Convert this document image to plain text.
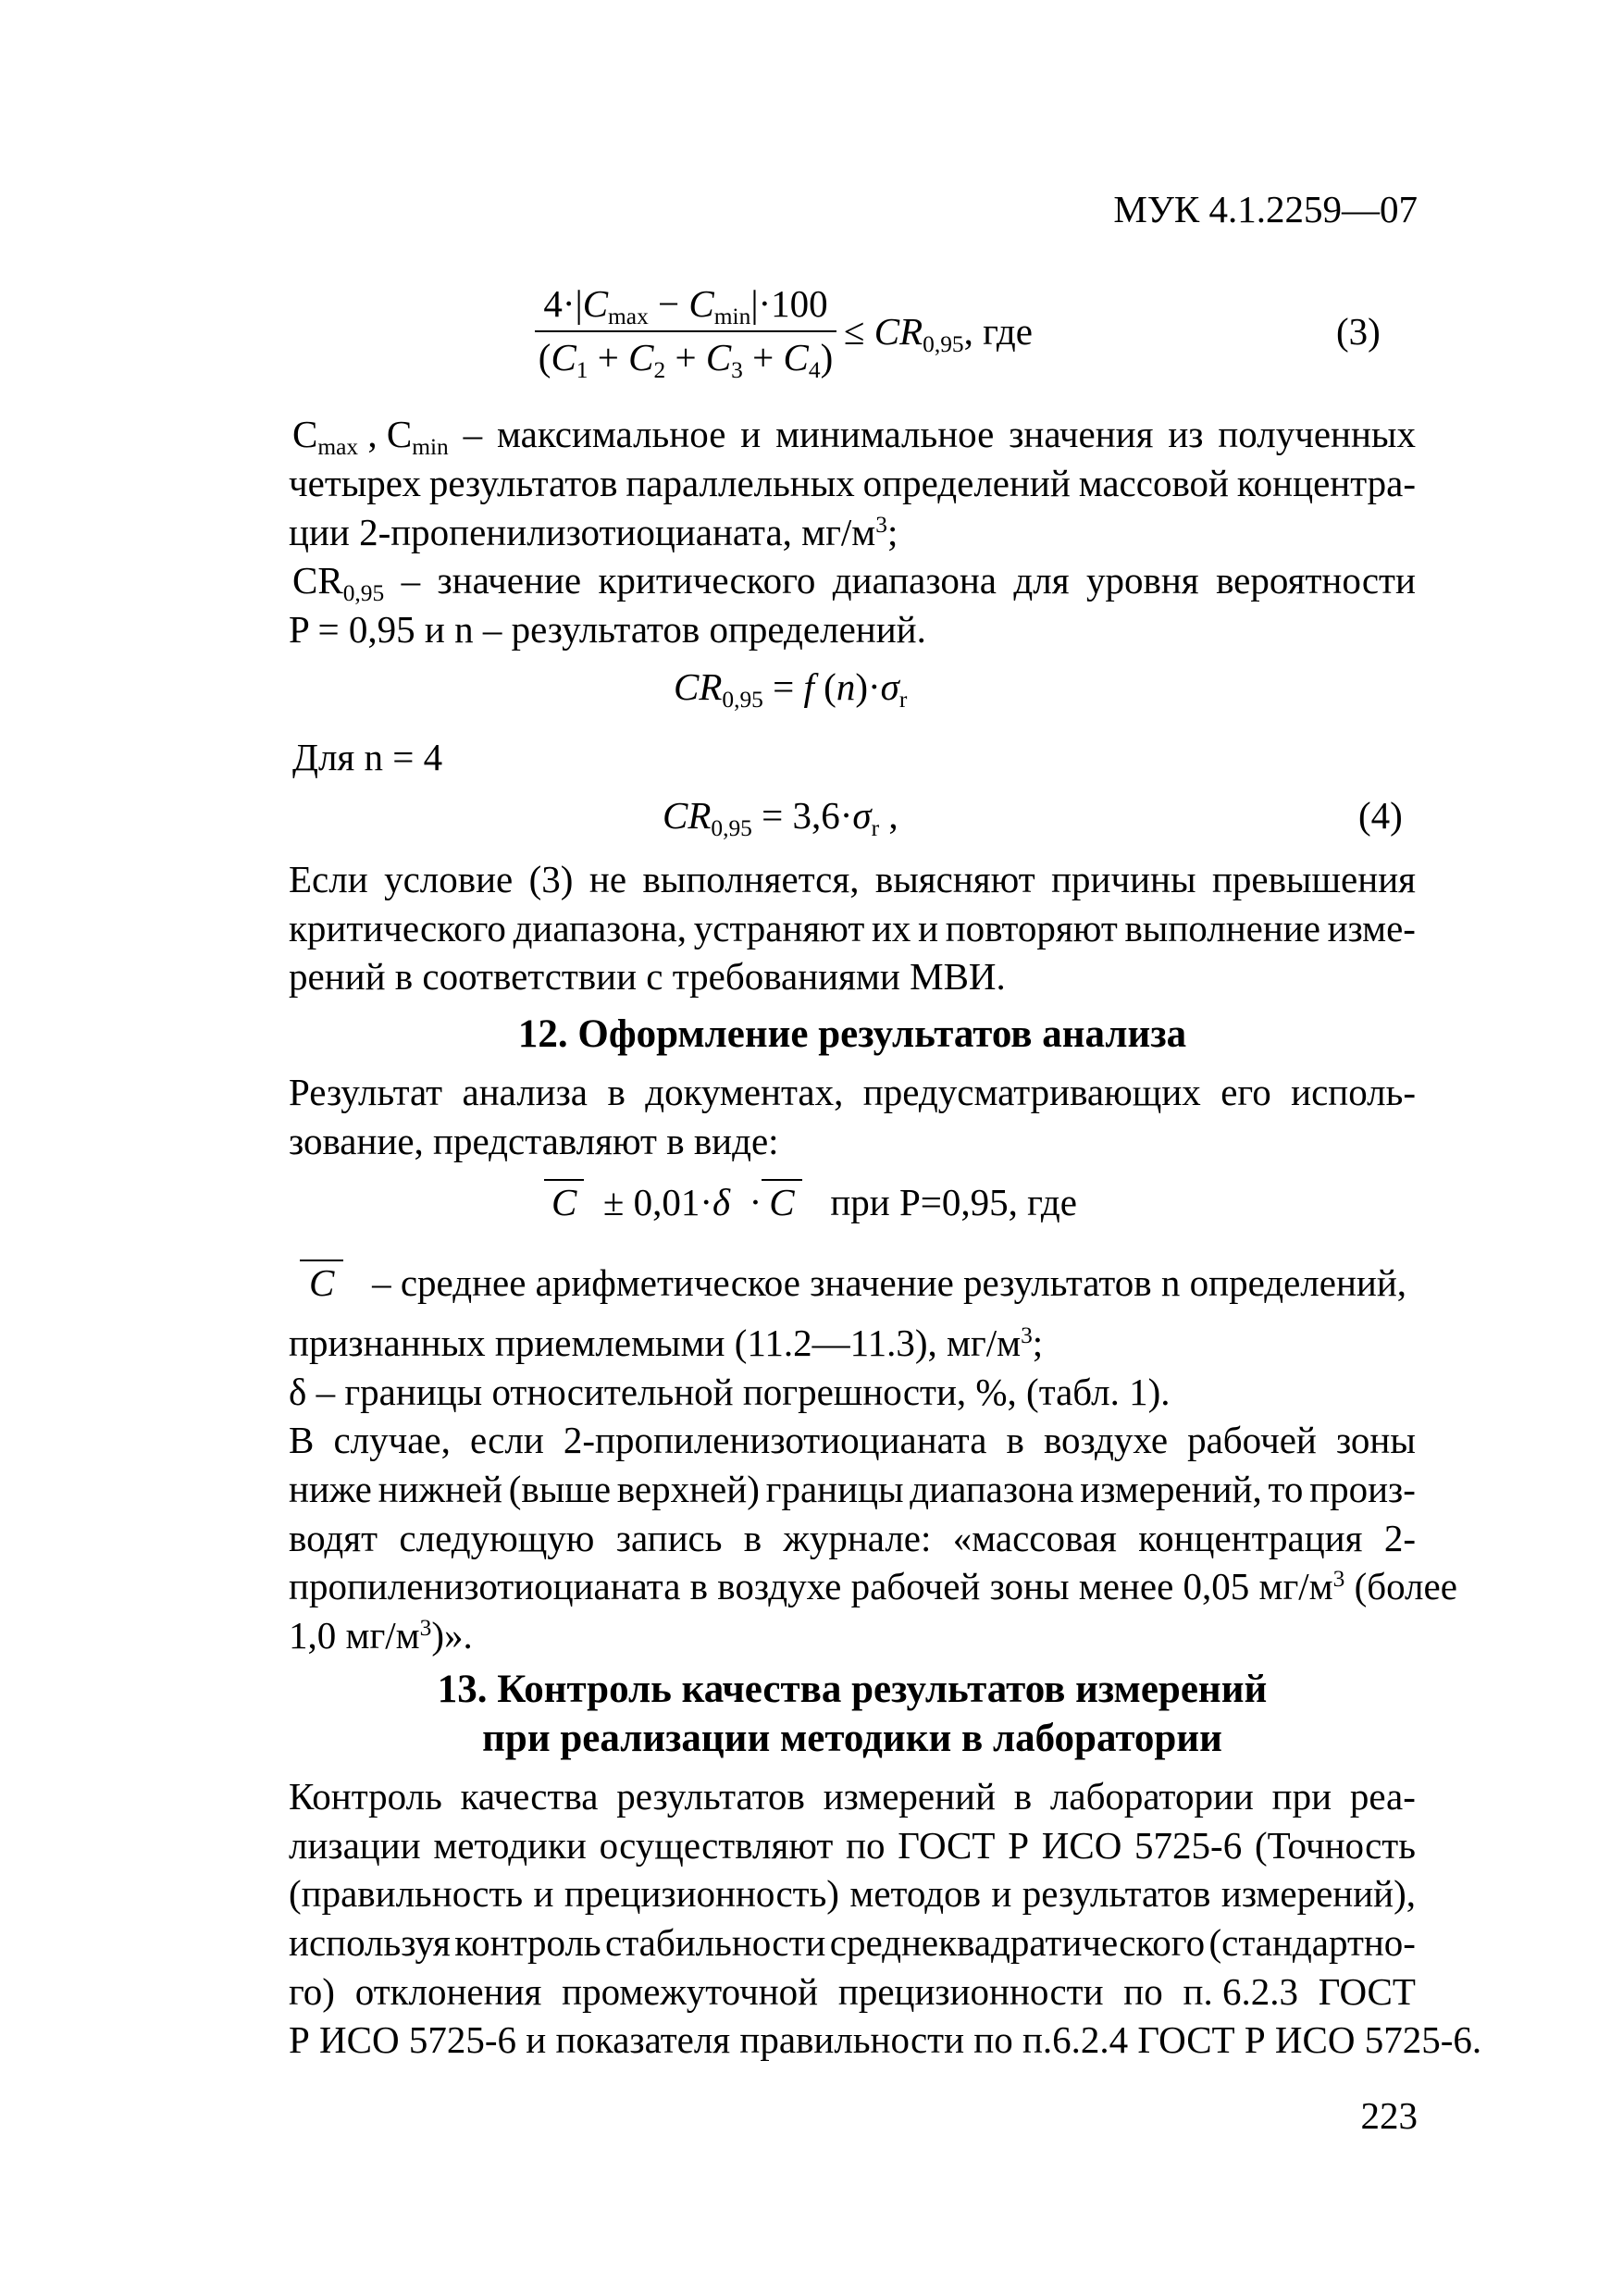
МУК 4.1.2259—07
$4\cdot|C_{max} - C_{min}|\cdot 100$
$(C_1 + C_2 + C_3 + C_4)$
≤ $CR_{0,95}$, где	(3)
$C_{max}$ , $C_{min}$ – максимальное и минимальное значения из полученных
четырех результатов параллельных определений массовой концентра-
ции 2-пропенилизотиоцианата, $мг/м^3$;
$CR_{0,95}$ – значение критического диапазона для уровня вероятности
P = 0,95 и n – результатов определений.
$CR_{0,95} = f$ $(n)\cdot\sigma_r$
Для n = 4
$CR_{0,95} = 3,6\cdot\sigma_r$ ,	(4)
Если условие (3) не выполняется, выясняют причины превышения
критического диапазона, устраняют их и повторяют выполнение изме-
рений в соответствии с требованиями МВИ.
12. Оформление результатов анализа
Результат анализа в документах, предусматривающих его исполь-
зование, представляют в виде:
C  ± 0,01·δ  · C   при P=0,95, где
C   – среднее арифметическое значение результатов n определений,
признанных приемлемыми (11.2—11.3), $мг/м^3$;

δ – границы относительной погрешности, %, (табл. 1).
В случае, если 2-пропиленизотиоцианата в воздухе рабочей зоны
ниже нижней (выше верхней) границы диапазона измерений, то произ-
водят следующую запись в журнале: «массовая концентрация 2-
пропиленизотиоцианата в воздухе рабочей зоны менее 0,05 $мг/м^3$ (более
1,0 $мг/м^3$)».
13. Контроль качества результатов измерений
при реализации методики в лаборатории
Контроль качества результатов измерений в лаборатории при реа-
лизации методики осуществляют по ГОСТ Р ИСО 5725-6 (Точность
(правильность и прецизионность) методов и результатов измерений),
используя контроль стабильности среднеквадратического (стандартно-
го) отклонения промежуточной прецизионности по п. 6.2.3 ГОСТ
Р ИСО 5725-6 и показателя правильности по п.6.2.4 ГОСТ Р ИСО 5725-6.
223
